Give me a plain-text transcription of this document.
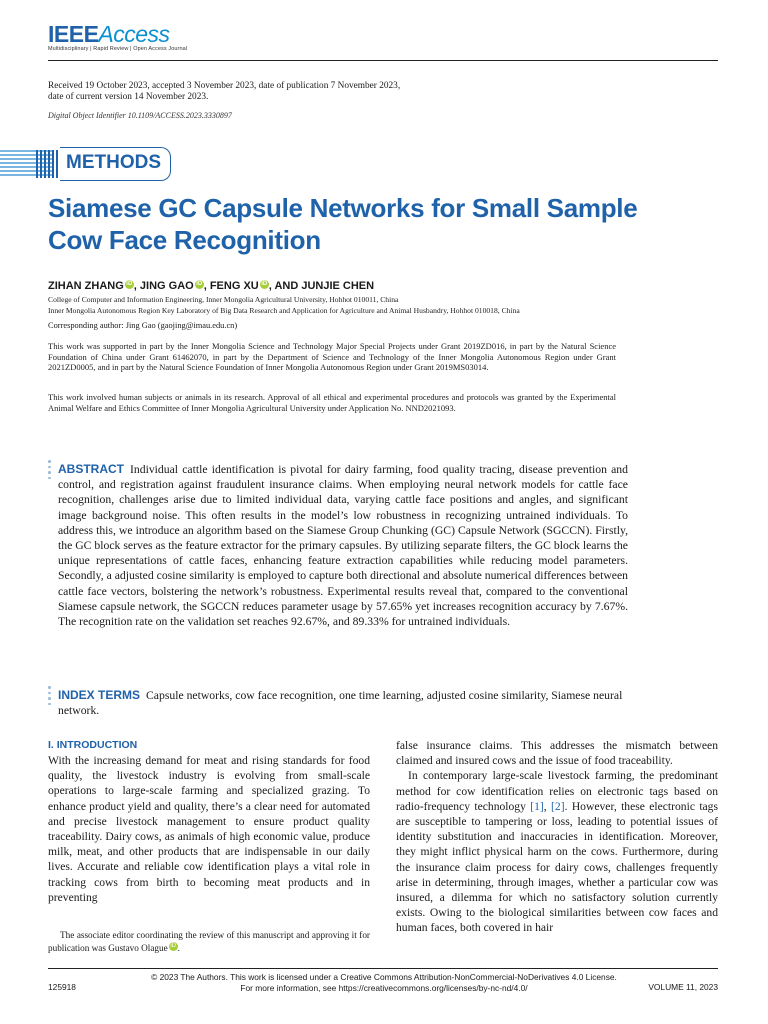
IEEEAccess
Multidisciplinary | Rapid Review | Open Access Journal
Received 19 October 2023, accepted 3 November 2023, date of publication 7 November 2023,
date of current version 14 November 2023.
Digital Object Identifier 10.1109/ACCESS.2023.3330897
METHODS
Siamese GC Capsule Networks for Small Sample Cow Face Recognition
ZIHAN ZHANG iD , JING GAO iD , FENG XU iD , AND JUNJIE CHEN
College of Computer and Information Engineering, Inner Mongolia Agricultural University, Hohhot 010011, China
Inner Mongolia Autonomous Region Key Laboratory of Big Data Research and Application for Agriculture and Animal Husbandry, Hohhot 010018, China
Corresponding author: Jing Gao (gaojing@imau.edu.cn)
This work was supported in part by the Inner Mongolia Science and Technology Major Special Projects under Grant 2019ZD016, in part by the Natural Science Foundation of China under Grant 61462070, in part by the Department of Science and Technology of the Inner Mongolia Autonomous Region under Grant 2021ZD0005, and in part by the Natural Science Foundation of Inner Mongolia Autonomous Region under Grant 2019MS03014.
This work involved human subjects or animals in its research. Approval of all ethical and experimental procedures and protocols was granted by the Experimental Animal Welfare and Ethics Committee of Inner Mongolia Agricultural University under Application No. NND2021093.
ABSTRACT Individual cattle identification is pivotal for dairy farming, food quality tracing, disease prevention and control, and registration against fraudulent insurance claims. When employing neural network models for cattle face recognition, challenges arise due to limited individual data, varying cattle face positions and angles, and significant image background noise. This often results in the model’s low robustness in recognizing untrained individuals. To address this, we introduce an algorithm based on the Siamese Group Chunking (GC) Capsule Network (SGCCN). Firstly, the GC block serves as the feature extractor for the primary capsules. By utilizing separate filters, the GC block learns the unique representations of cattle faces, enhancing feature extraction capabilities while reducing model parameters. Secondly, a adjusted cosine similarity is employed to capture both directional and absolute numerical differences between cattle face vectors, bolstering the network’s robustness. Experimental results reveal that, compared to the conventional Siamese capsule network, the SGCCN reduces parameter usage by 57.65% yet increases recognition accuracy by 7.67%. The recognition rate on the validation set reaches 92.67%, and 89.33% for untrained individuals.
INDEX TERMS Capsule networks, cow face recognition, one time learning, adjusted cosine similarity, Siamese neural network.
I. INTRODUCTION

With the increasing demand for meat and rising standards for food quality, the livestock industry is evolving from small-scale operations to large-scale farming and specialized grazing. To enhance product yield and quality, there’s a clear need for automated and precise livestock management to ensure product quality traceability. Dairy cows, as animals of high economic value, produce milk, meat, and other products that are indispensable in our daily lives. Accurate and reliable cow identification plays a vital role in tracking cows from birth to becoming meat products and in preventing

false insurance claims. This addresses the mismatch between claimed and insured cows and the issue of food traceability.

In contemporary large-scale livestock farming, the predominant method for cow identification relies on electronic tags based on radio-frequency technology [1], [2]. However, these electronic tags are susceptible to tampering or loss, leading to potential issues of identity substitution and inaccuracies in identification. Moreover, they might inflict physical harm on the cows. Furthermore, during the insurance claim process for dairy cows, challenges frequently arise in determining, through images, whether a particular cow was insured, a dilemma for which no satisfactory solution currently exists. Owing to the biological similarities between cow faces and human faces, both covered in hair

The associate editor coordinating the review of this manuscript and approving it for publication was Gustavo Olague iD .
125918
© 2023 The Authors. This work is licensed under a Creative Commons Attribution-NonCommercial-NoDerivatives 4.0 License.
For more information, see https://creativecommons.org/licenses/by-nc-nd/4.0/	VOLUME 11, 2023
